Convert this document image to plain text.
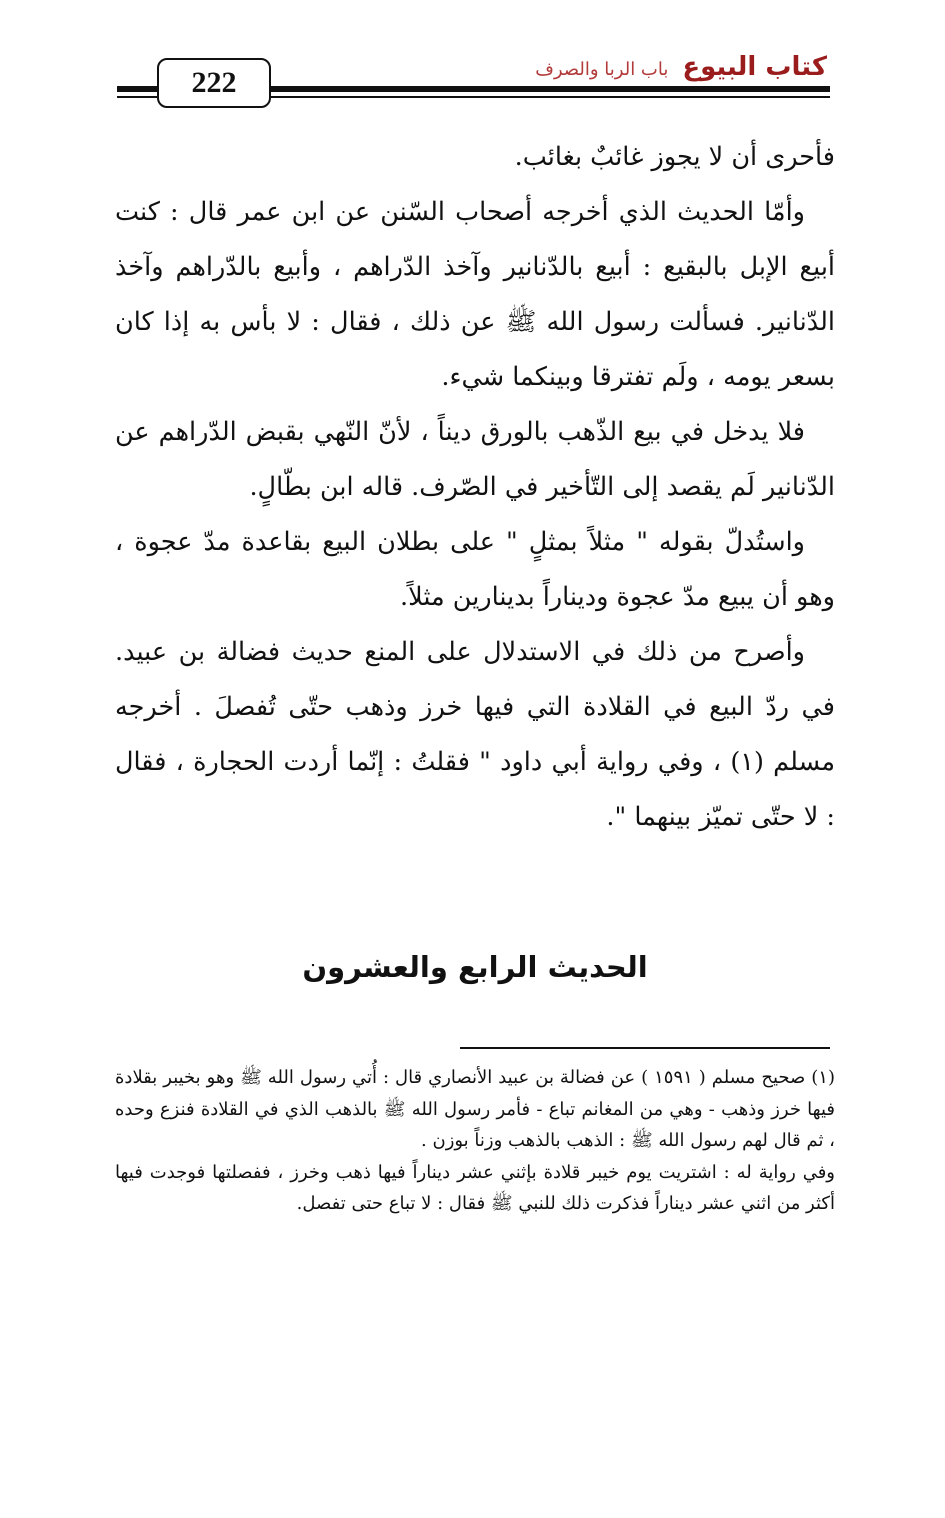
222	كتاب البيوع
باب الربا والصرف

فأحرى أن لا يجوز غائبٌ بغائب.

وأمّا الحديث الذي أخرجه أصحاب السّنن عن ابن عمر قال : كنت أبيع الإبل بالبقيع : أبيع بالدّنانير وآخذ الدّراهم ، وأبيع بالدّراهم وآخذ الدّنانير. فسألت رسول الله ﷺ عن ذلك ، فقال : لا بأس به إذا كان بسعر يومه ، ولَم تفترقا وبينكما شيء.

فلا يدخل في بيع الذّهب بالورق ديناً ، لأنّ النّهي بقبض الدّراهم عن الدّنانير لَم يقصد إلى التّأخير في الصّرف. قاله ابن بطّالٍ.

واستُدلّ بقوله " مثلاً بمثلٍ " على بطلان البيع بقاعدة مدّ عجوة ، وهو أن يبيع مدّ عجوة وديناراً بدينارين مثلاً.

وأصرح من ذلك في الاستدلال على المنع حديث فضالة بن عبيد. في ردّ البيع في القلادة التي فيها خرز وذهب حتّى تُفصلَ . أخرجه مسلم (١) ، وفي رواية أبي داود " فقلتُ : إنّما أردت الحجارة ، فقال : لا حتّى تميّز بينهما ".

الحديث الرابع والعشرون

(١) صحيح مسلم ( ١٥٩١ ) عن فضالة بن عبيد الأنصاري قال : أُتي رسول الله ﷺ وهو بخيبر بقلادة فيها خرز وذهب - وهي من المغانم تباع - فأمر رسول الله ﷺ بالذهب الذي في القلادة فنزع وحده ، ثم قال لهم رسول الله ﷺ : الذهب بالذهب وزناً بوزن .

وفي رواية له : اشتريت يوم خيبر قلادة بإثني عشر ديناراً فيها ذهب وخرز ، ففصلتها فوجدت فيها أكثر من اثني عشر ديناراً فذكرت ذلك للنبي ﷺ فقال : لا تباع حتى تفصل.
